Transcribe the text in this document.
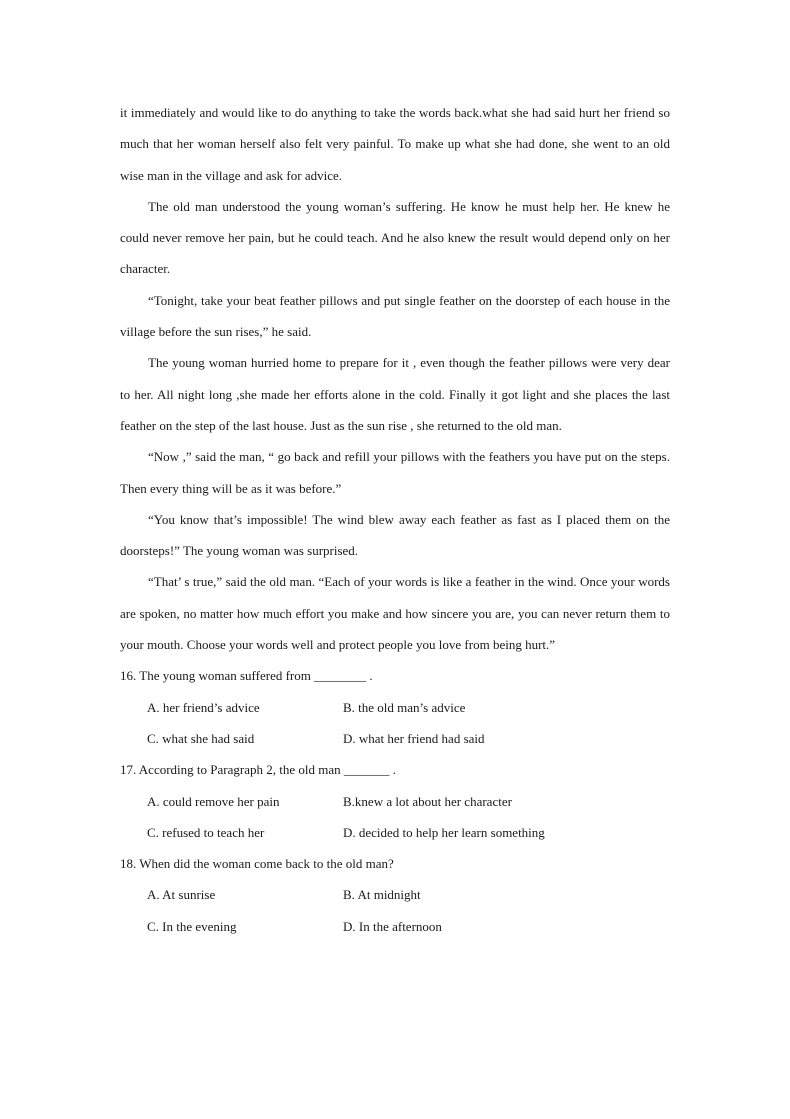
it immediately and would like to do anything to take the words back.what she had said hurt her friend so much that her woman herself also felt very painful. To make up what she had done, she went to an old wise man in the village and ask for advice.

The old man understood the young woman’s suffering. He know he must help her. He knew he could never remove her pain, but he could teach. And he also knew the result would depend only on her character.

“Tonight, take your beat feather pillows and put single feather on the doorstep of each house in the village before the sun rises,” he said.

The young woman hurried home to prepare for it , even though the feather pillows were very dear to her. All night long ,she made her efforts alone in the cold. Finally it got light and she places the last feather on the step of the last house. Just as the sun rise , she returned to the old man.

“Now ,” said the man, “ go back and refill your pillows with the feathers you have put on the steps. Then every thing will be as it was before.”

“You know that’s impossible! The wind blew away each feather as fast as I placed them on the doorsteps!” The young woman was surprised.

“That’ s true,” said the old man. “Each of your words is like a feather in the wind. Once your words are spoken, no matter how much effort you make and how sincere you are, you can never return them to your mouth. Choose your words well and protect people you love from being hurt.”

16. The young woman suffered from ________ .

A. her friend’s advice	B. the old man’s advice
C. what she had said	D. what her friend had said

17. According to Paragraph 2, the old man _______ .

A. could remove her pain	B.knew a lot about her character
C. refused to teach her	D. decided to help her learn something

18. When did the woman come back to the old man?

A. At sunrise	B. At midnight
C. In the evening	D. In the afternoon
